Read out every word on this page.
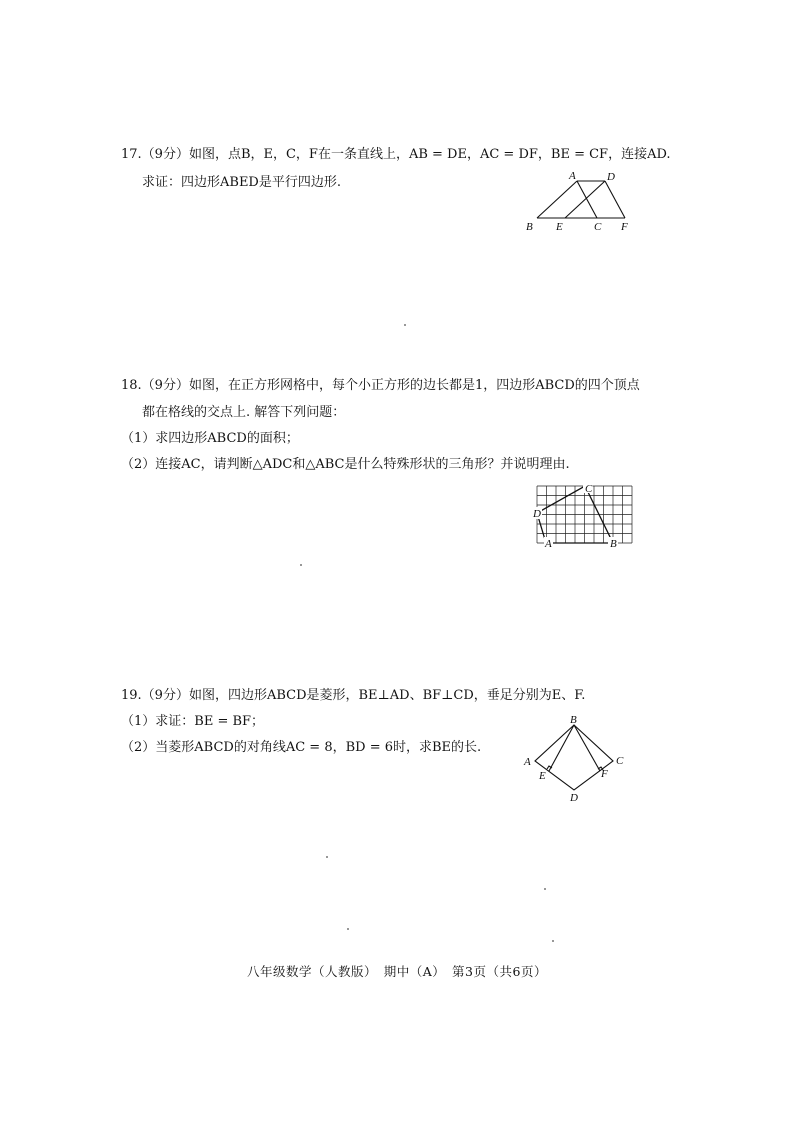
17.（9分）如图，点B，E，C，F在一条直线上，AB = DE，AC = DF，BE = CF，连接AD.
求证：四边形ABED是平行四边形.	A	D
B E	C F
18.（9分）如图，在正方形网格中，每个小正方形的边长都是1，四边形ABCD的四个顶点
都在格线的交点上. 解答下列问题：
（1）求四边形ABCD的面积；
（2）连接AC，请判断△ADC和△ABC是什么特殊形状的三角形？并说明理由.
A	B
C
D
19.（9分）如图，四边形ABCD是菱形，BE⊥AD、BF⊥CD，垂足分别为E、F.
（1）求证：BE = BF；
（2）当菱形ABCD的对角线AC = 8，BD = 6时，求BE的长.
B
A	C
E	F
D
八年级数学（人教版）　期中（A）　第3页（共6页）
